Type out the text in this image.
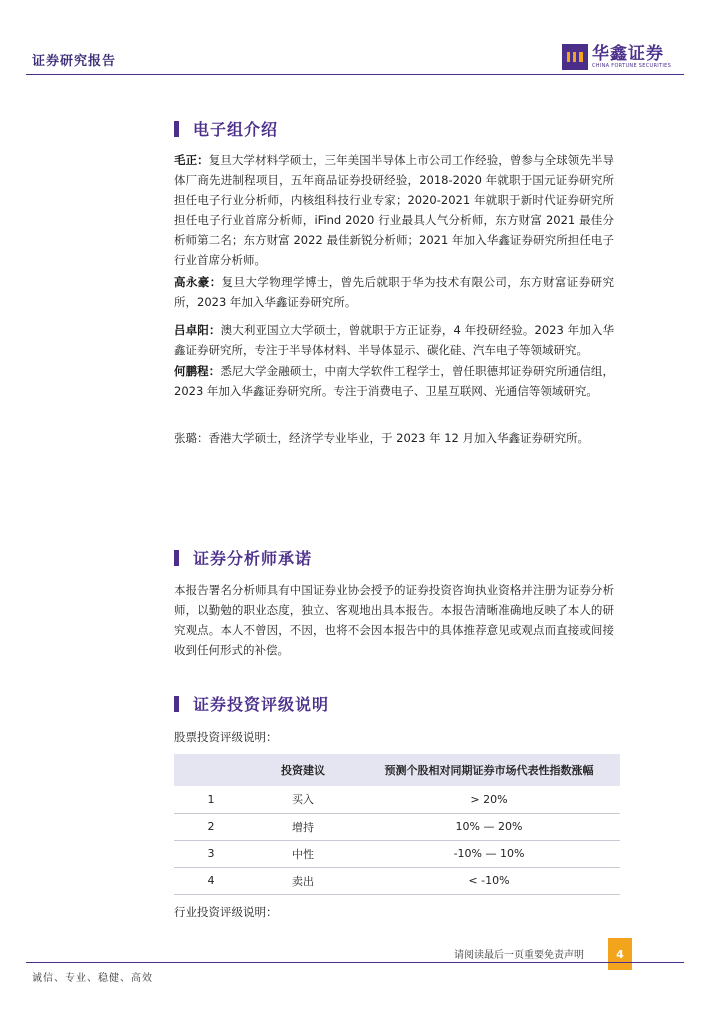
证券研究报告	华鑫证券
CHINA FORTUNE SECURITIES
电子组介绍
毛正：复旦大学材料学硕士，三年美国半导体上市公司工作经验，曾参与全球领先半导体厂商先进制程项目，五年商品证券投研经验，2018-2020 年就职于国元证券研究所担任电子行业分析师，内核组科技行业专家；2020-2021 年就职于新时代证券研究所担任电子行业首席分析师，iFind 2020 行业最具人气分析师，东方财富 2021 最佳分析师第二名；东方财富 2022 最佳新锐分析师；2021 年加入华鑫证券研究所担任电子行业首席分析师。
高永豪：复旦大学物理学博士，曾先后就职于华为技术有限公司，东方财富证券研究所，2023 年加入华鑫证券研究所。
吕卓阳：澳大利亚国立大学硕士，曾就职于方正证券，4 年投研经验。2023 年加入华鑫证券研究所，专注于半导体材料、半导体显示、碳化硅、汽车电子等领域研究。
何鹏程：悉尼大学金融硕士，中南大学软件工程学士，曾任职德邦证券研究所通信组，2023 年加入华鑫证券研究所。专注于消费电子、卫星互联网、光通信等领域研究。
张璐：香港大学硕士，经济学专业毕业，于 2023 年 12 月加入华鑫证券研究所。
证券分析师承诺
本报告署名分析师具有中国证券业协会授予的证券投资咨询执业资格并注册为证券分析师，以勤勉的职业态度，独立、客观地出具本报告。本报告清晰准确地反映了本人的研究观点。本人不曾因，不因，也将不会因本报告中的具体推荐意见或观点而直接或间接收到任何形式的补偿。
证券投资评级说明
股票投资评级说明：
	投资建议	预测个股相对同期证券市场代表性指数涨幅
1	买入	> 20%
2	增持	10% — 20%
3	中性	-10% — 10%
4	卖出	< -10%
行业投资评级说明：
请阅读最后一页重要免责声明	4
诚信、专业、稳健、高效
